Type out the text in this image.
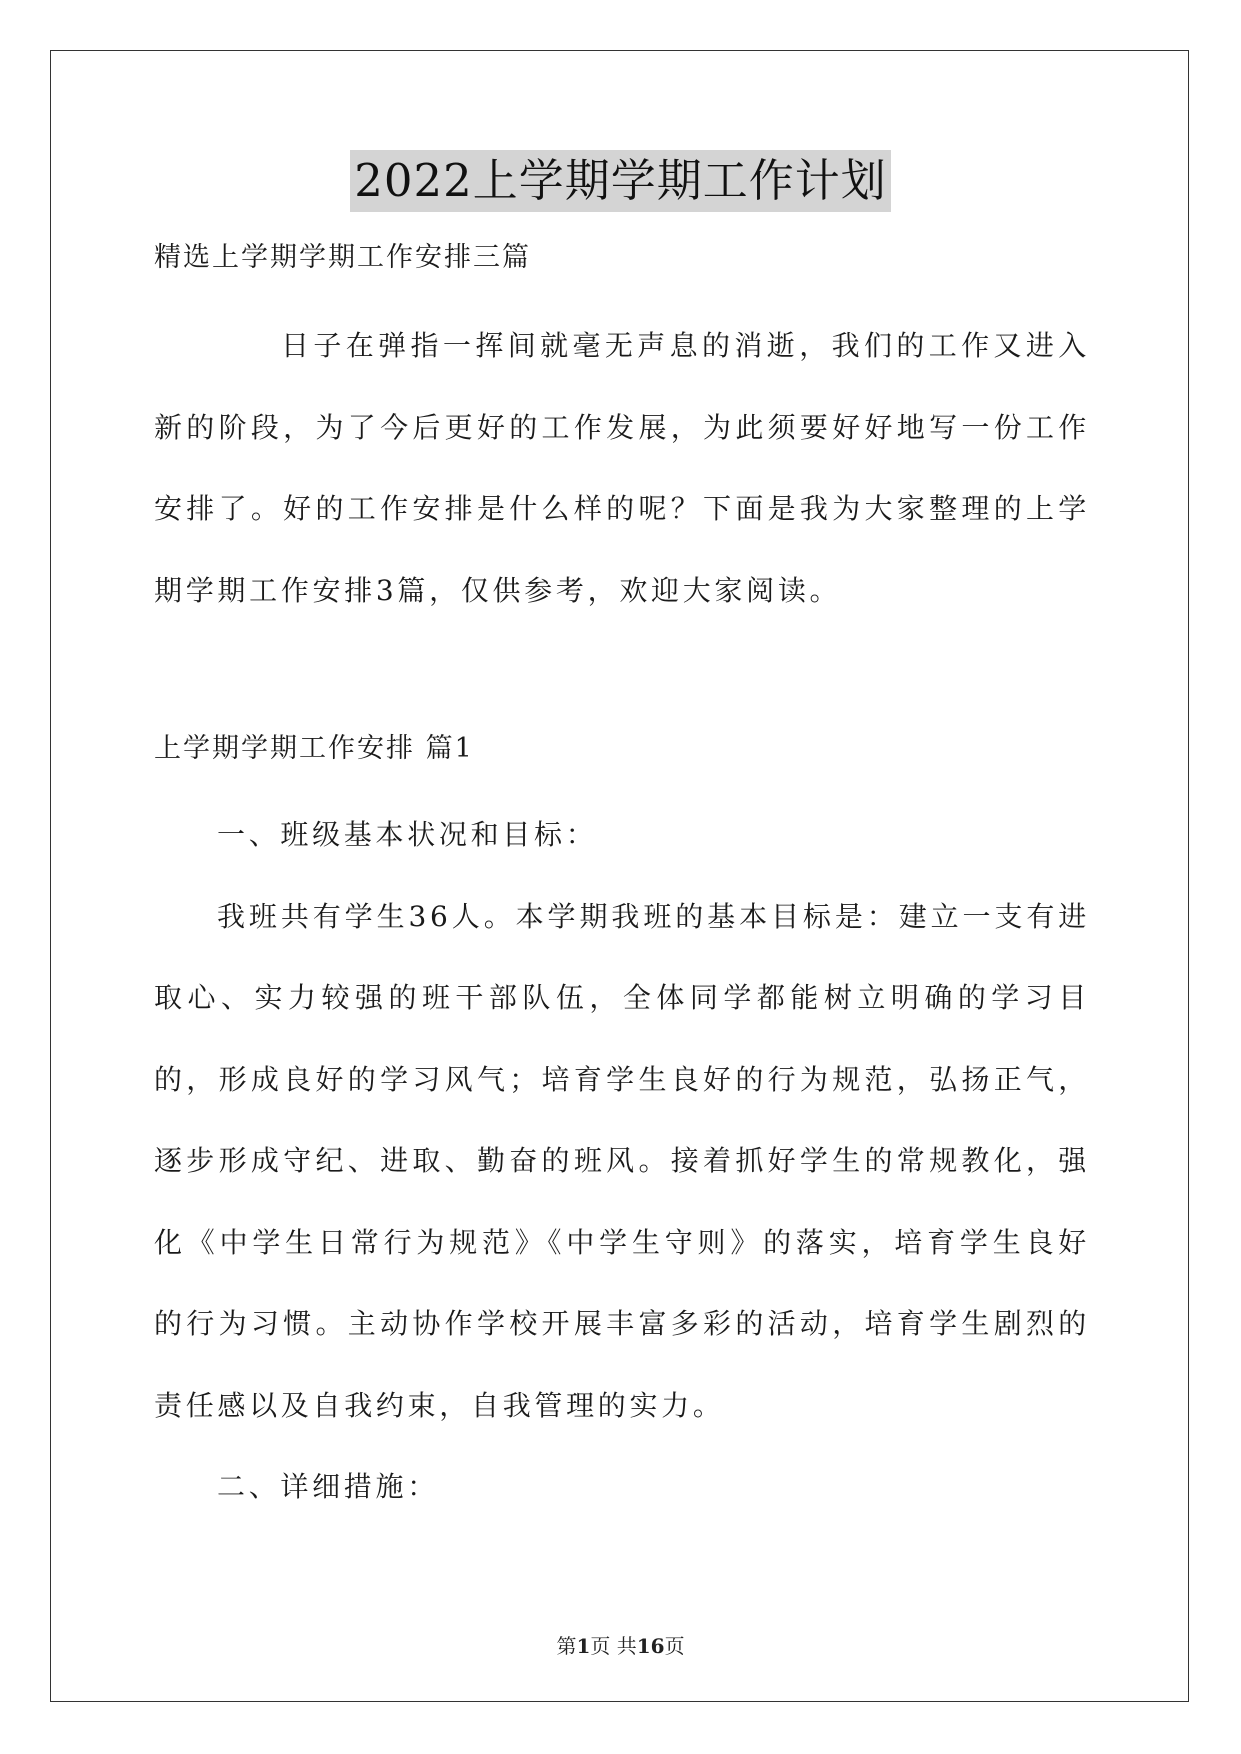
2022上学期学期工作计划

精选上学期学期工作安排三篇

日子在弹指一挥间就毫无声息的消逝，我们的工作又进入新的阶段，为了今后更好的工作发展，为此须要好好地写一份工作安排了。好的工作安排是什么样的呢？下面是我为大家整理的上学期学期工作安排3篇，仅供参考，欢迎大家阅读。

上学期学期工作安排 篇1

一、班级基本状况和目标：

我班共有学生36人。本学期我班的基本目标是：建立一支有进取心、实力较强的班干部队伍，全体同学都能树立明确的学习目的，形成良好的学习风气；培育学生良好的行为规范，弘扬正气，逐步形成守纪、进取、勤奋的班风。接着抓好学生的常规教化，强化《中学生日常行为规范》《中学生守则》的落实，培育学生良好的行为习惯。主动协作学校开展丰富多彩的活动，培育学生剧烈的责任感以及自我约束，自我管理的实力。

二、详细措施：

第1页 共16页
